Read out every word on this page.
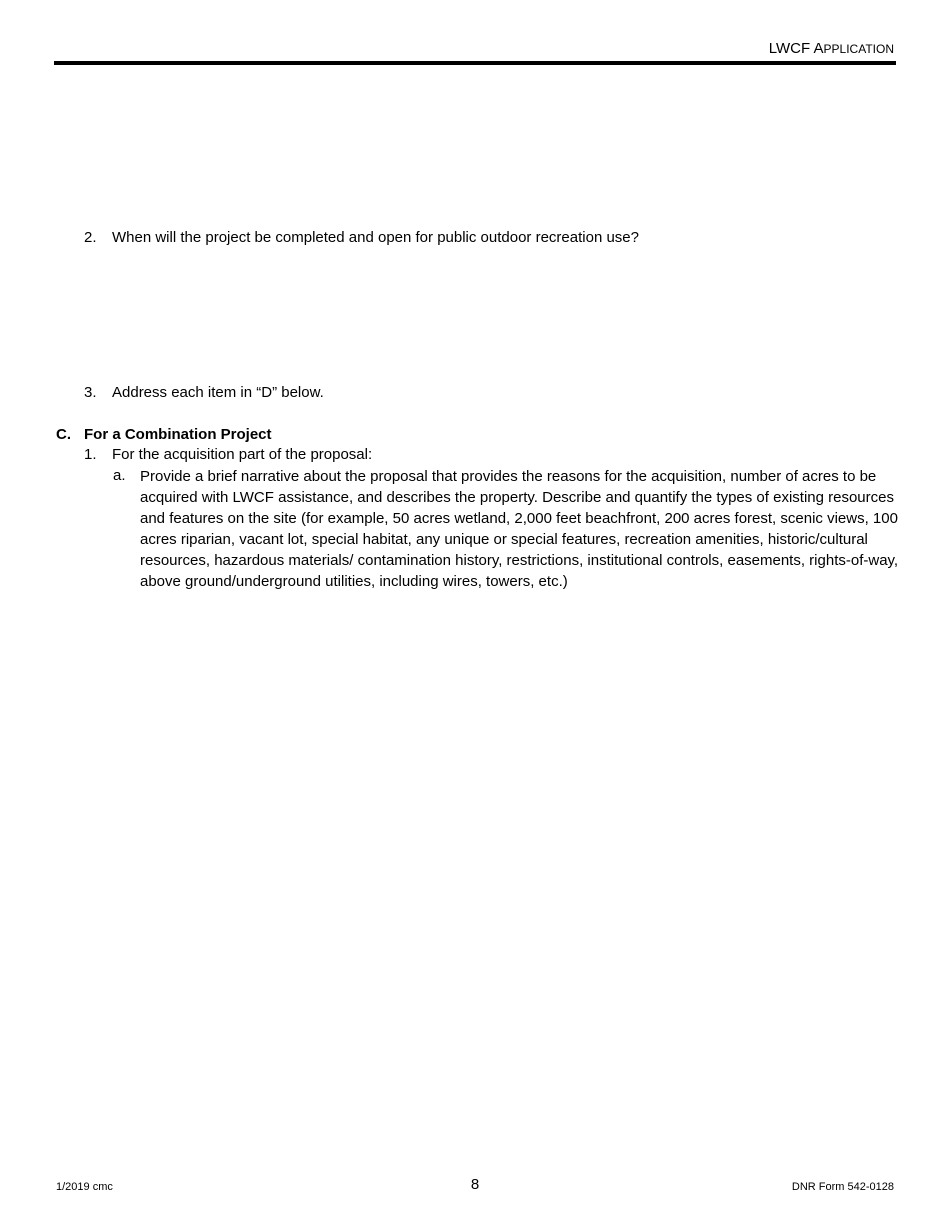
LWCF APPLICATION
2. When will the project be completed and open for public outdoor recreation use?
3. Address each item in “D” below.
C. For a Combination Project
1. For the acquisition part of the proposal:
a. Provide a brief narrative about the proposal that provides the reasons for the acquisition, number of acres to be acquired with LWCF assistance, and describes the property. Describe and quantify the types of existing resources and features on the site (for example, 50 acres wetland, 2,000 feet beachfront, 200 acres forest, scenic views, 100 acres riparian, vacant lot, special habitat, any unique or special features, recreation amenities, historic/cultural resources, hazardous materials/ contamination history, restrictions, institutional controls, easements, rights-of-way, above ground/underground utilities, including wires, towers, etc.)
1/2019 cmc	8	DNR Form 542-0128
